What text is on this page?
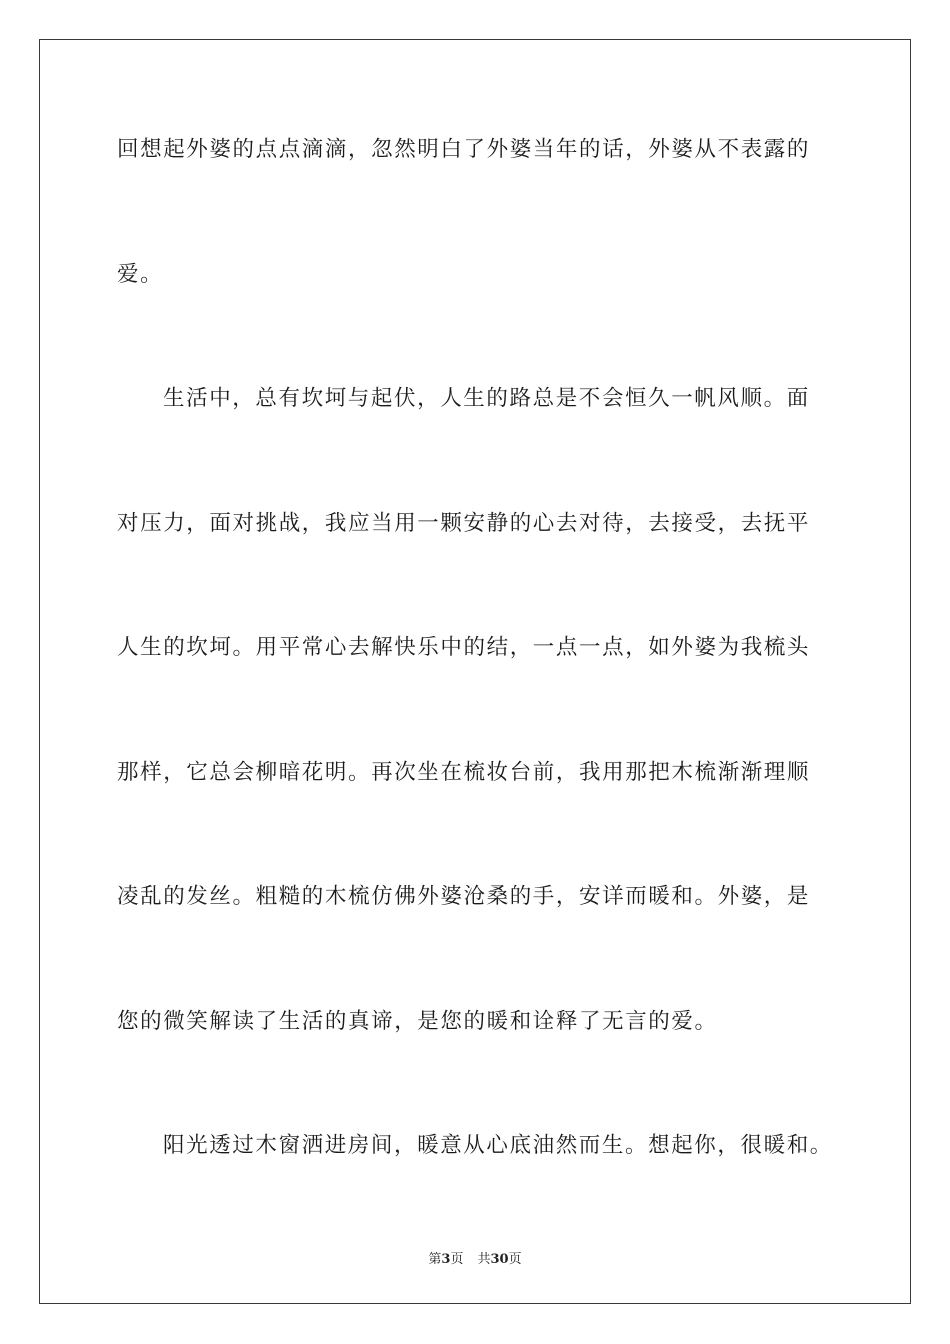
回想起外婆的点点滴滴，忽然明白了外婆当年的话，外婆从不表露的
爱。
生活中，总有坎坷与起伏，人生的路总是不会恒久一帆风顺。面
对压力，面对挑战，我应当用一颗安静的心去对待，去接受，去抚平
人生的坎坷。用平常心去解快乐中的结，一点一点，如外婆为我梳头
那样，它总会柳暗花明。再次坐在梳妆台前，我用那把木梳渐渐理顺
凌乱的发丝。粗糙的木梳仿佛外婆沧桑的手，安详而暖和。外婆，是
您的微笑解读了生活的真谛，是您的暖和诠释了无言的爱。
阳光透过木窗洒进房间，暖意从心底油然而生。想起你，很暖和。
第3页 共30页
